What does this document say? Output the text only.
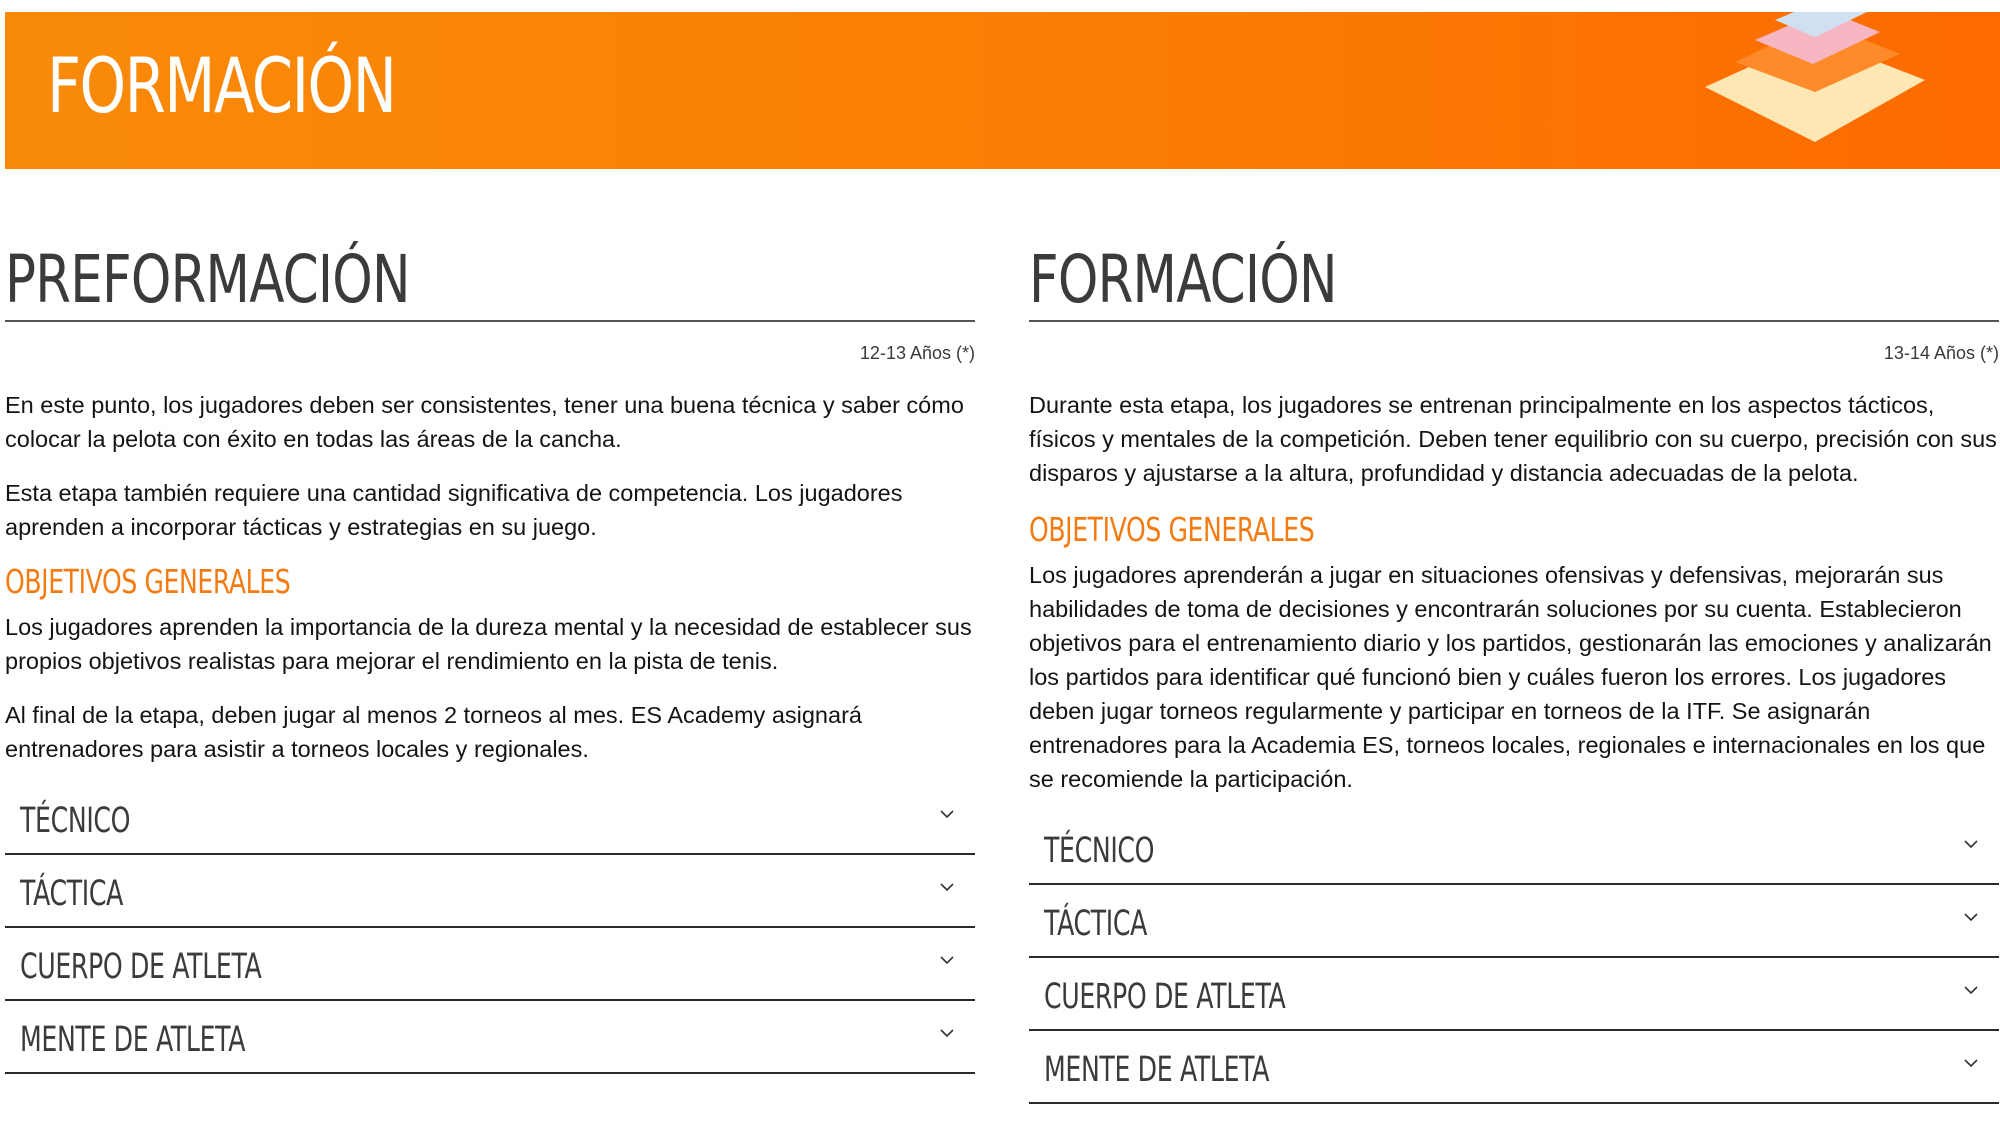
FORMACIÓN
PREFORMACIÓN
12-13 Años (*)

En este punto, los jugadores deben ser consistentes, tener una buena técnica y saber cómo colocar la pelota con éxito en todas las áreas de la cancha.

Esta etapa también requiere una cantidad significativa de competencia. Los jugadores aprenden a incorporar tácticas y estrategias en su juego.

OBJETIVOS GENERALES

Los jugadores aprenden la importancia de la dureza mental y la necesidad de establecer sus propios objetivos realistas para mejorar el rendimiento en la pista de tenis.

Al final de la etapa, deben jugar al menos 2 torneos al mes. ES Academy asignará entrenadores para asistir a torneos locales y regionales.

TÉCNICO
TÁCTICA
CUERPO DE ATLETA
MENTE DE ATLETA
FORMACIÓN
13-14 Años (*)

Durante esta etapa, los jugadores se entrenan principalmente en los aspectos tácticos, físicos y mentales de la competición. Deben tener equilibrio con su cuerpo, precisión con sus disparos y ajustarse a la altura, profundidad y distancia adecuadas de la pelota.

OBJETIVOS GENERALES

Los jugadores aprenderán a jugar en situaciones ofensivas y defensivas, mejorarán sus habilidades de toma de decisiones y encontrarán soluciones por su cuenta. Establecieron objetivos para el entrenamiento diario y los partidos, gestionarán las emociones y analizarán los partidos para identificar qué funcionó bien y cuáles fueron los errores. Los jugadores deben jugar torneos regularmente y participar en torneos de la ITF. Se asignarán entrenadores para la Academia ES, torneos locales, regionales e internacionales en los que se recomiende la participación.

TÉCNICO
TÁCTICA
CUERPO DE ATLETA
MENTE DE ATLETA
